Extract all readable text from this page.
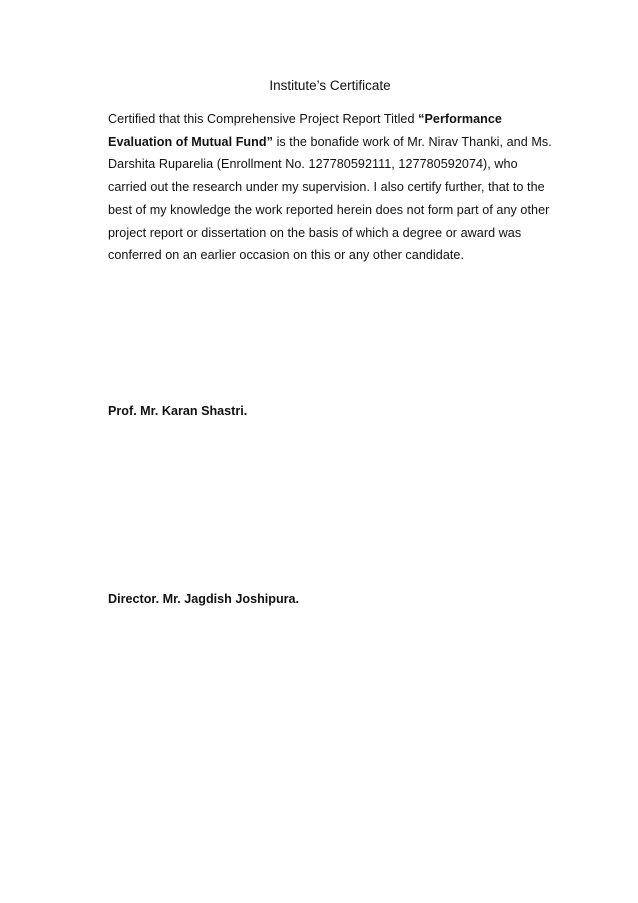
Institute’s Certificate

Certified that this Comprehensive Project Report Titled “Performance
Evaluation of Mutual Fund” is the bonafide work of Mr. Nirav Thanki, and Ms.
Darshita Ruparelia (Enrollment No. 127780592111, 127780592074), who
carried out the research under my supervision. I also certify further, that to the
best of my knowledge the work reported herein does not form part of any other
project report or dissertation on the basis of which a degree or award was
conferred on an earlier occasion on this or any other candidate.

Prof. Mr. Karan Shastri.
Director. Mr. Jagdish Joshipura.
